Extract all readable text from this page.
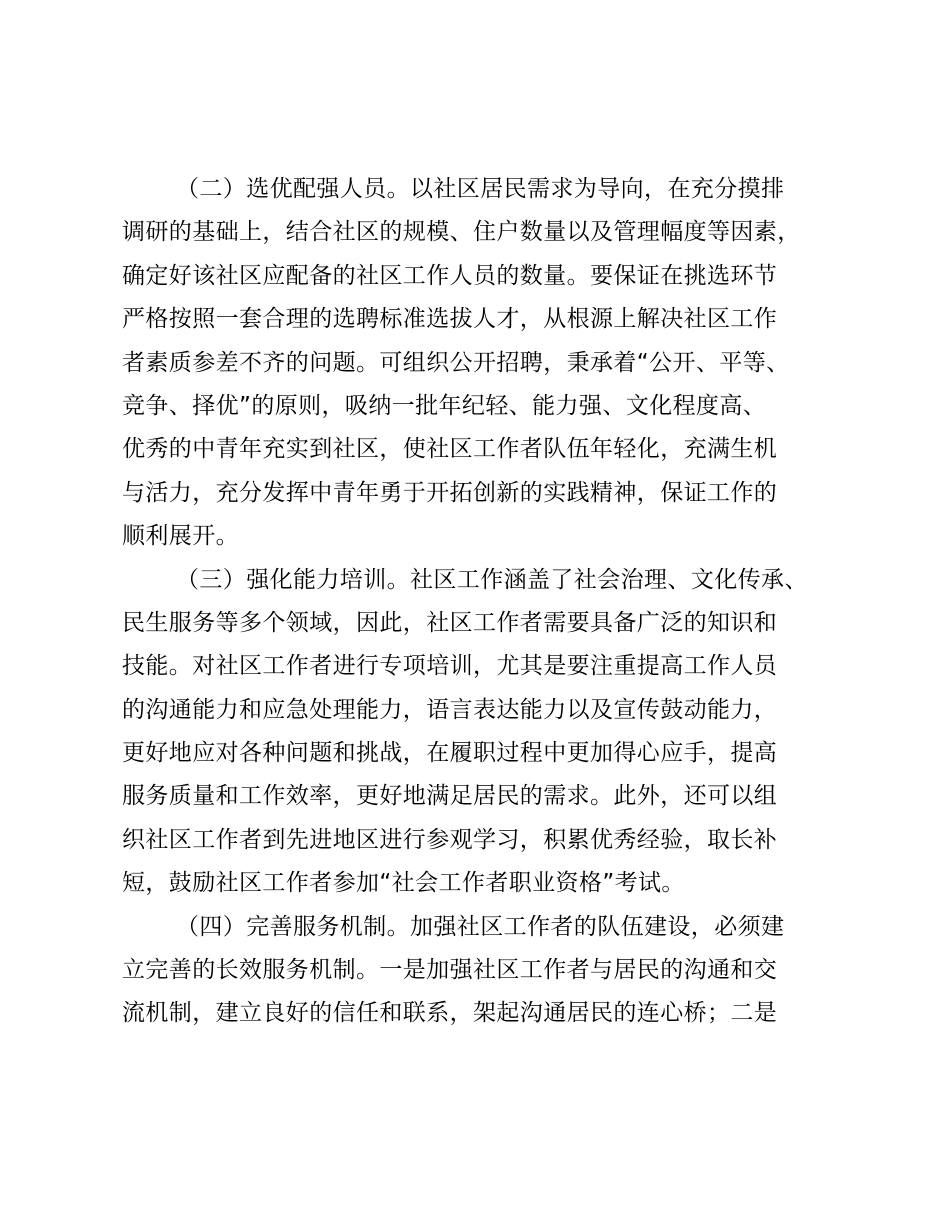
（二）选优配强人员。以社区居民需求为导向，在充分摸排
调研的基础上，结合社区的规模、住户数量以及管理幅度等因素，
确定好该社区应配备的社区工作人员的数量。要保证在挑选环节
严格按照一套合理的选聘标准选拔人才，从根源上解决社区工作
者素质参差不齐的问题。可组织公开招聘，秉承着“公开、平等、
竞争、择优”的原则，吸纳一批年纪轻、能力强、文化程度高、
优秀的中青年充实到社区，使社区工作者队伍年轻化，充满生机
与活力，充分发挥中青年勇于开拓创新的实践精神，保证工作的
顺利展开。
（三）强化能力培训。社区工作涵盖了社会治理、文化传承、
民生服务等多个领域，因此，社区工作者需要具备广泛的知识和
技能。对社区工作者进行专项培训，尤其是要注重提高工作人员
的沟通能力和应急处理能力，语言表达能力以及宣传鼓动能力，
更好地应对各种问题和挑战，在履职过程中更加得心应手，提高
服务质量和工作效率，更好地满足居民的需求。此外，还可以组
织社区工作者到先进地区进行参观学习，积累优秀经验，取长补
短，鼓励社区工作者参加“社会工作者职业资格”考试。
（四）完善服务机制。加强社区工作者的队伍建设，必须建
立完善的长效服务机制。一是加强社区工作者与居民的沟通和交
流机制，建立良好的信任和联系，架起沟通居民的连心桥；二是
